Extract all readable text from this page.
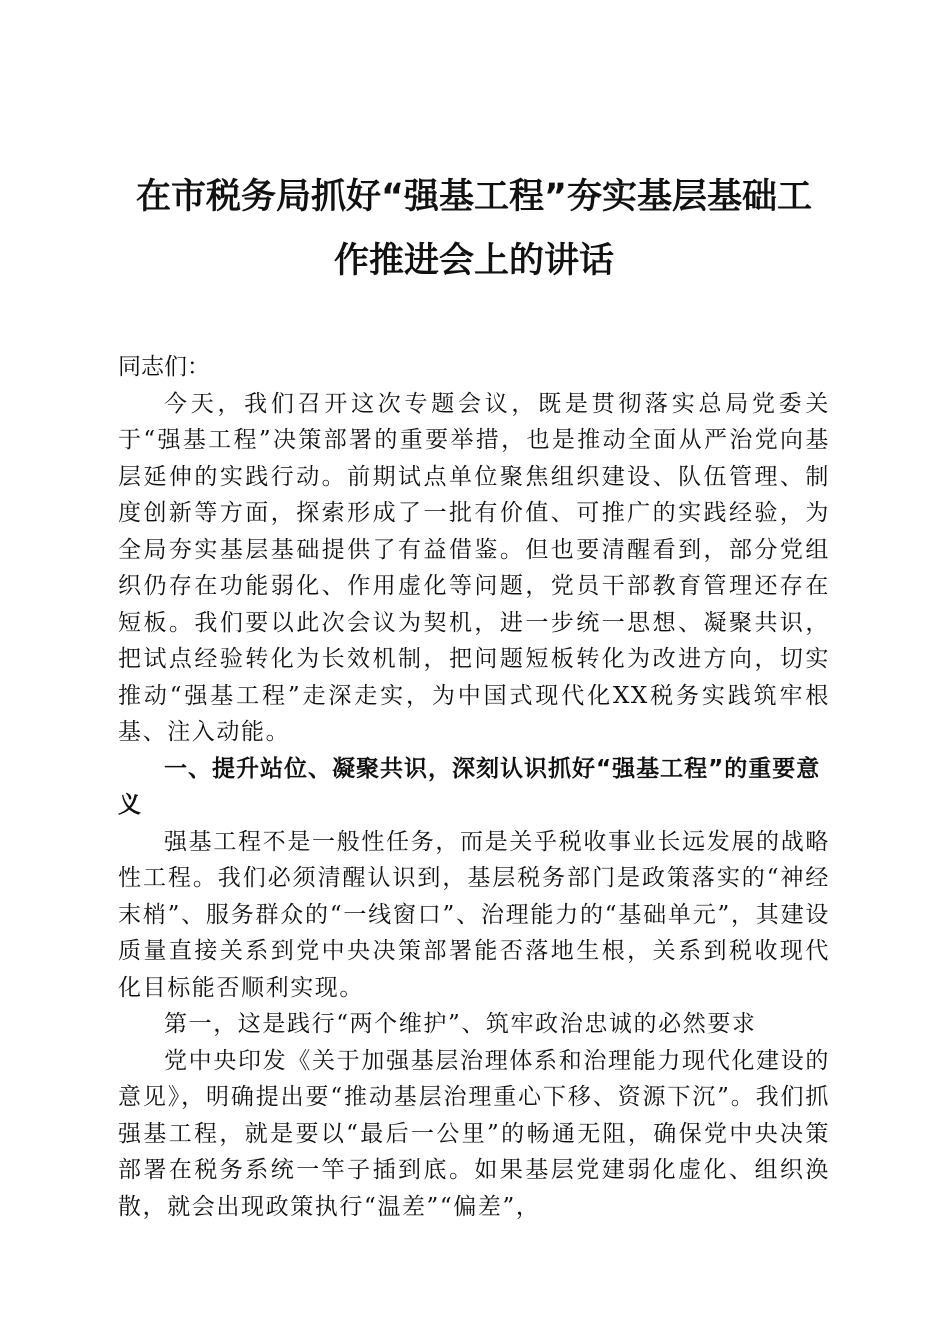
在市税务局抓好“强基工程”夯实基层基础工
作推进会上的讲话

同志们：

今天，我们召开这次专题会议，既是贯彻落实总局党委关于“强基工程”决策部署的重要举措，也是推动全面从严治党向基层延伸的实践行动。前期试点单位聚焦组织建设、队伍管理、制度创新等方面，探索形成了一批有价值、可推广的实践经验，为全局夯实基层基础提供了有益借鉴。但也要清醒看到，部分党组织仍存在功能弱化、作用虚化等问题，党员干部教育管理还存在短板。我们要以此次会议为契机，进一步统一思想、凝聚共识，把试点经验转化为长效机制，把问题短板转化为改进方向，切实推动“强基工程”走深走实，为中国式现代化XX税务实践筑牢根基、注入动能。

一、提升站位、凝聚共识，深刻认识抓好“强基工程”的重要意义

强基工程不是一般性任务，而是关乎税收事业长远发展的战略性工程。我们必须清醒认识到，基层税务部门是政策落实的“神经末梢”、服务群众的“一线窗口”、治理能力的“基础单元”，其建设质量直接关系到党中央决策部署能否落地生根，关系到税收现代化目标能否顺利实现。

第一，这是践行“两个维护”、筑牢政治忠诚的必然要求

党中央印发《关于加强基层治理体系和治理能力现代化建设的意见》，明确提出要“推动基层治理重心下移、资源下沉”。我们抓强基工程，就是要以“最后一公里”的畅通无阻，确保党中央决策部署在税务系统一竿子插到底。如果基层党建弱化虚化、组织涣散，就会出现政策执行“温差”“偏差”，
